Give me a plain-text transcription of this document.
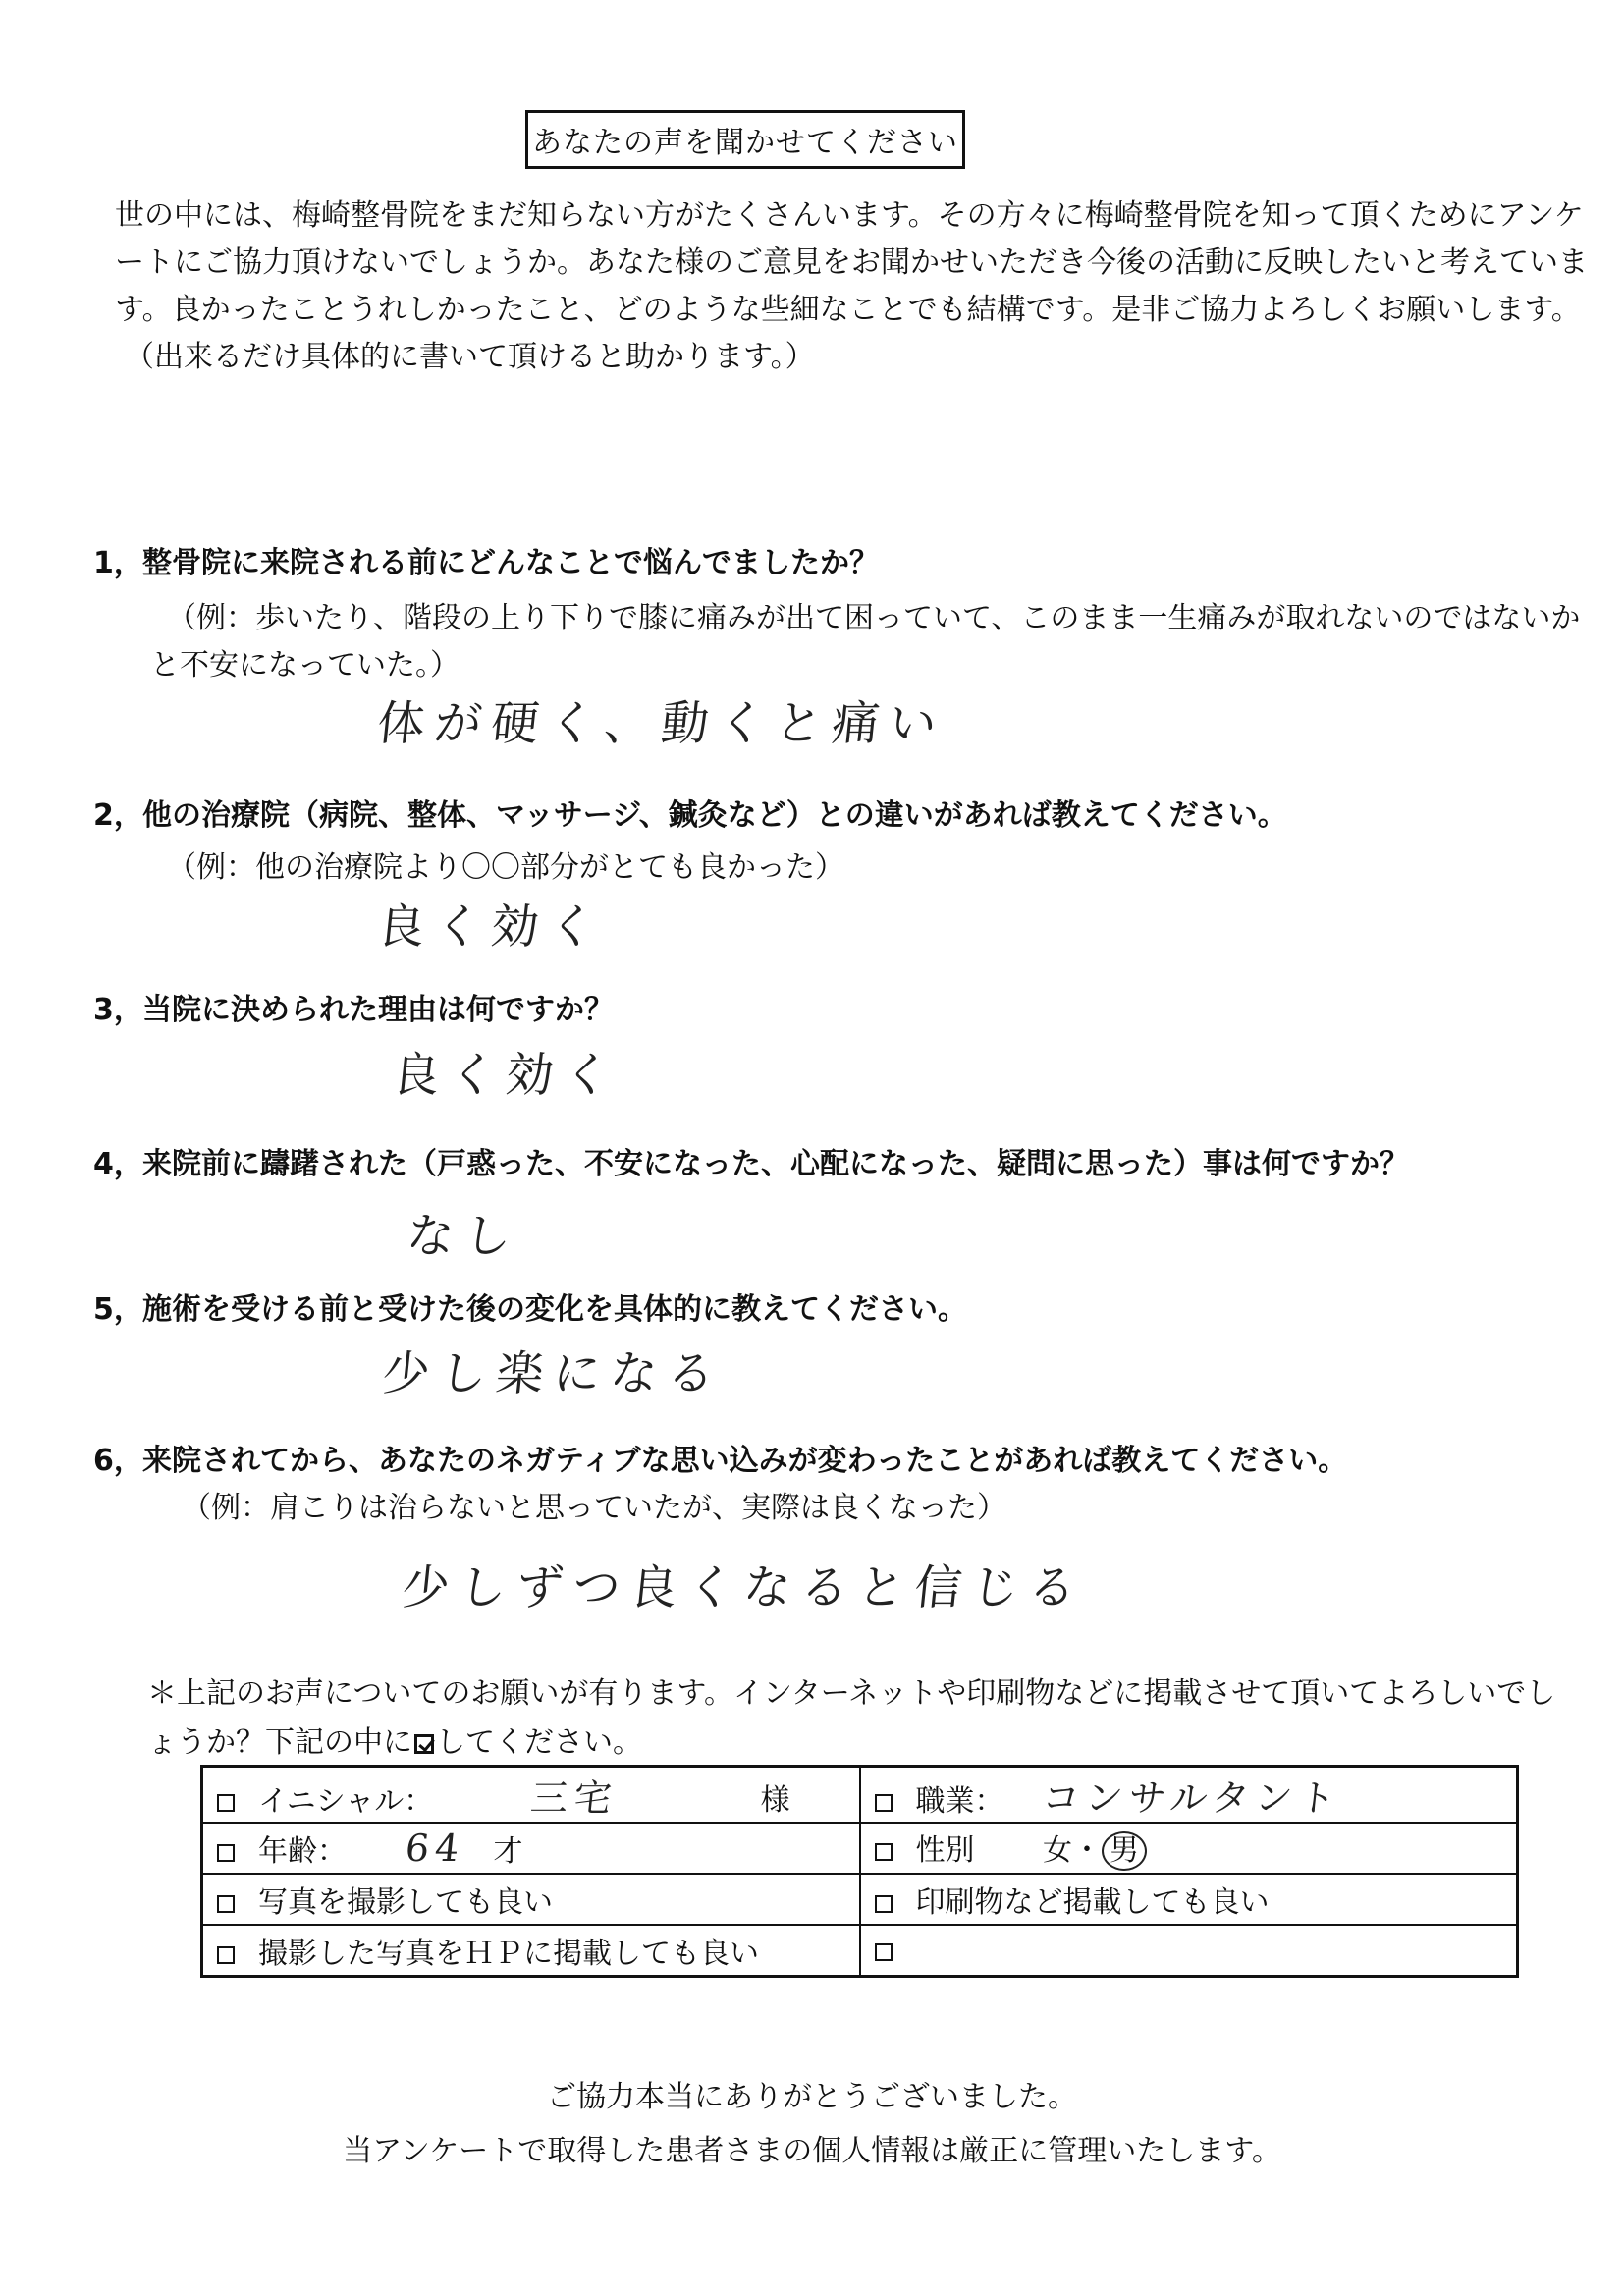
あなたの声を聞かせてください

世の中には、梅崎整骨院をまだ知らない方がたくさんいます。その方々に梅崎整骨院を知って頂くためにアンケ

ートにご協力頂けないでしょうか。あなた様のご意見をお聞かせいただき今後の活動に反映したいと考えていま

す。良かったことうれしかったこと、どのような些細なことでも結構です。是非ご協力よろしくお願いします。

（出来るだけ具体的に書いて頂けると助かります。）

1，整骨院に来院される前にどんなことで悩んでましたか？
（例：歩いたり、階段の上り下りで膝に痛みが出て困っていて、このまま一生痛みが取れないのではないか
と不安になっていた。）
体が硬く、動くと痛い
2，他の治療院（病院、整体、マッサージ、鍼灸など）との違いがあれば教えてください。
（例：他の治療院より〇〇部分がとても良かった）
良く効く
3，当院に決められた理由は何ですか？
良く効く
4，来院前に躊躇された（戸惑った、不安になった、心配になった、疑問に思った）事は何ですか？
なし
5，施術を受ける前と受けた後の変化を具体的に教えてください。
少し楽になる
6，来院されてから、あなたのネガティブな思い込みが変わったことがあれば教えてください。
（例：肩こりは治らないと思っていたが、実際は良くなった）
少しずつ良くなると信じる

＊上記のお声についてのお願いが有ります。インターネットや印刷物などに掲載させて頂いてよろしいでし

ょうか？下記の中に してください。

イニシャル： 三宅 様	職業： コンサルタント
年齢： 64 才	性別 女・ 男
写真を撮影しても良い	印刷物など掲載しても良い
撮影した写真をＨＰに掲載しても良い	
ご協力本当にありがとうございました。
当アンケートで取得した患者さまの個人情報は厳正に管理いたします。
